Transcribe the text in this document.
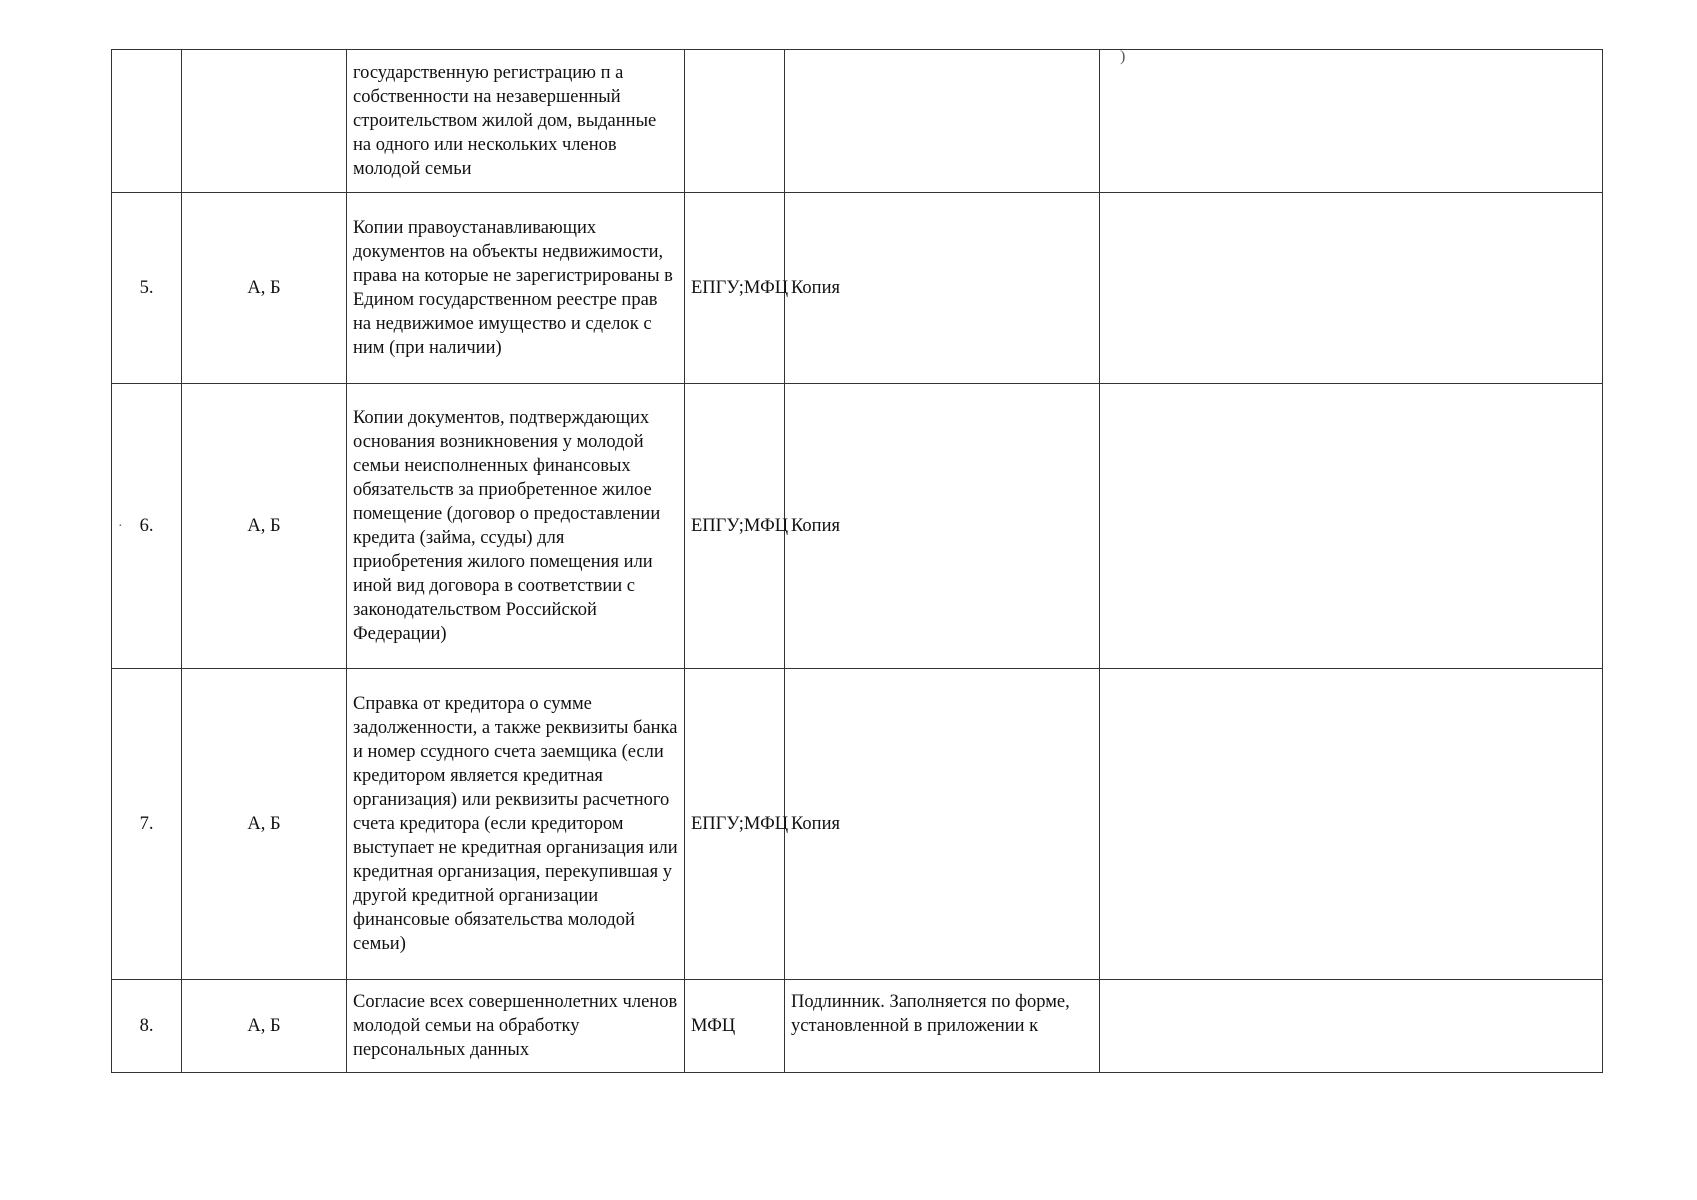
		государственную регистрацию п а собственности на незавершенный строительством жилой дом, выданные на одного или нескольких членов молодой семьи			
5.	А, Б	Копии правоустанавливающих документов на объекты недвижимости, права на которые не зарегистрированы в Едином государственном реестре прав на недвижимое имущество и сделок с ним (при наличии)	ЕПГУ;МФЦ	Копия	
6.	А, Б	Копии документов, подтверждающих основания возникновения у молодой семьи неисполненных финансовых обязательств за приобретенное жилое помещение (договор о предоставлении кредита (займа, ссуды) для приобретения жилого помещения или иной вид договора в соответствии с законодательством Российской Федерации)	ЕПГУ;МФЦ	Копия	
7.	А, Б	Справка от кредитора о сумме задолженности, а также реквизиты банка и номер ссудного счета заемщика (если кредитором является кредитная организация) или реквизиты расчетного счета кредитора (если кредитором выступает не кредитная организация или кредитная организация, перекупившая у другой кредитной организации финансовые обязательства молодой семьи)	ЕПГУ;МФЦ	Копия	
8.	А, Б	Согласие всех совершеннолетних членов молодой семьи на обработку персональных данных	МФЦ	Подлинник. Заполняется по форме, установленной в приложении к	
)
·
